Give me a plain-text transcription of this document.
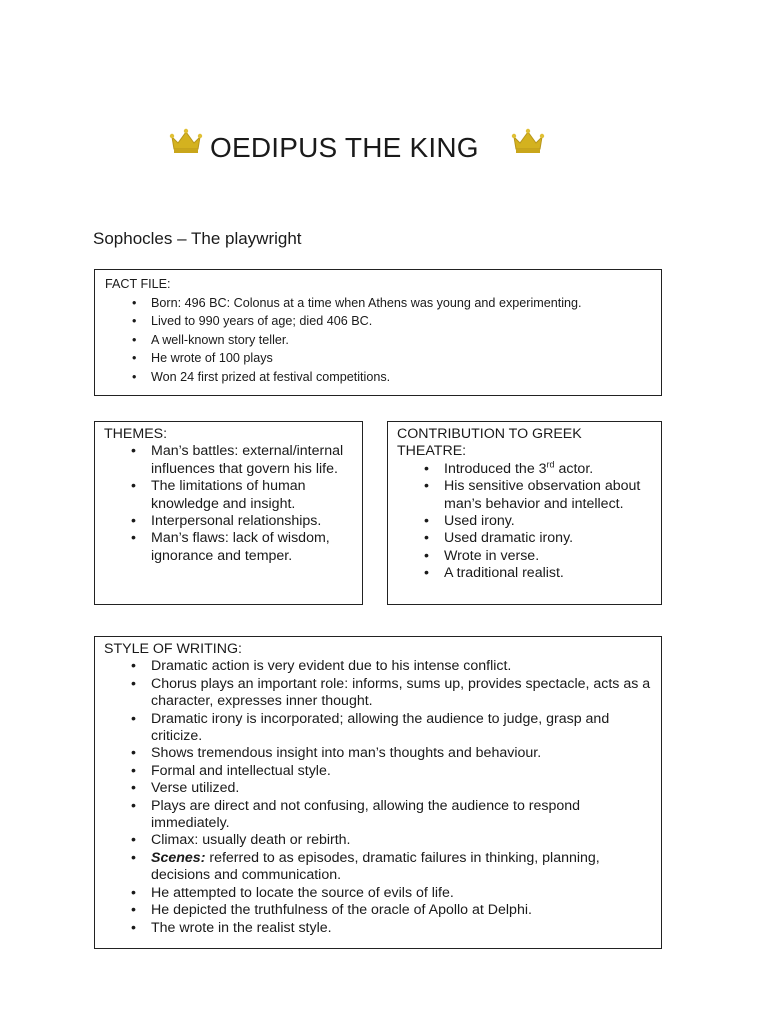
OEDIPUS THE KING

Sophocles – The playwright

FACT FILE:

• Born: 496 BC: Colonus at a time when Athens was young and experimenting.
• Lived to 990 years of age; died 406 BC.
• A well-known story teller.
• He wrote of 100 plays
• Won 24 first prized at festival competitions.

THEMES:

• Man’s battles: external/internal influences that govern his life.
• The limitations of human knowledge and insight.
• Interpersonal relationships.
• Man’s flaws: lack of wisdom, ignorance and temper.

CONTRIBUTION TO GREEK THEATRE:

• Introduced the 3rd actor.
• His sensitive observation about man’s behavior and intellect.
• Used irony.
• Used dramatic irony.
• Wrote in verse.
• A traditional realist.

STYLE OF WRITING:

• Dramatic action is very evident due to his intense conflict.
• Chorus plays an important role: informs, sums up, provides spectacle, acts as a character, expresses inner thought.
• Dramatic irony is incorporated; allowing the audience to judge, grasp and criticize.
• Shows tremendous insight into man’s thoughts and behaviour.
• Formal and intellectual style.
• Verse utilized.
• Plays are direct and not confusing, allowing the audience to respond immediately.
• Climax: usually death or rebirth.
• Scenes: referred to as episodes, dramatic failures in thinking, planning, decisions and communication.
• He attempted to locate the source of evils of life.
• He depicted the truthfulness of the oracle of Apollo at Delphi.
• The wrote in the realist style.
